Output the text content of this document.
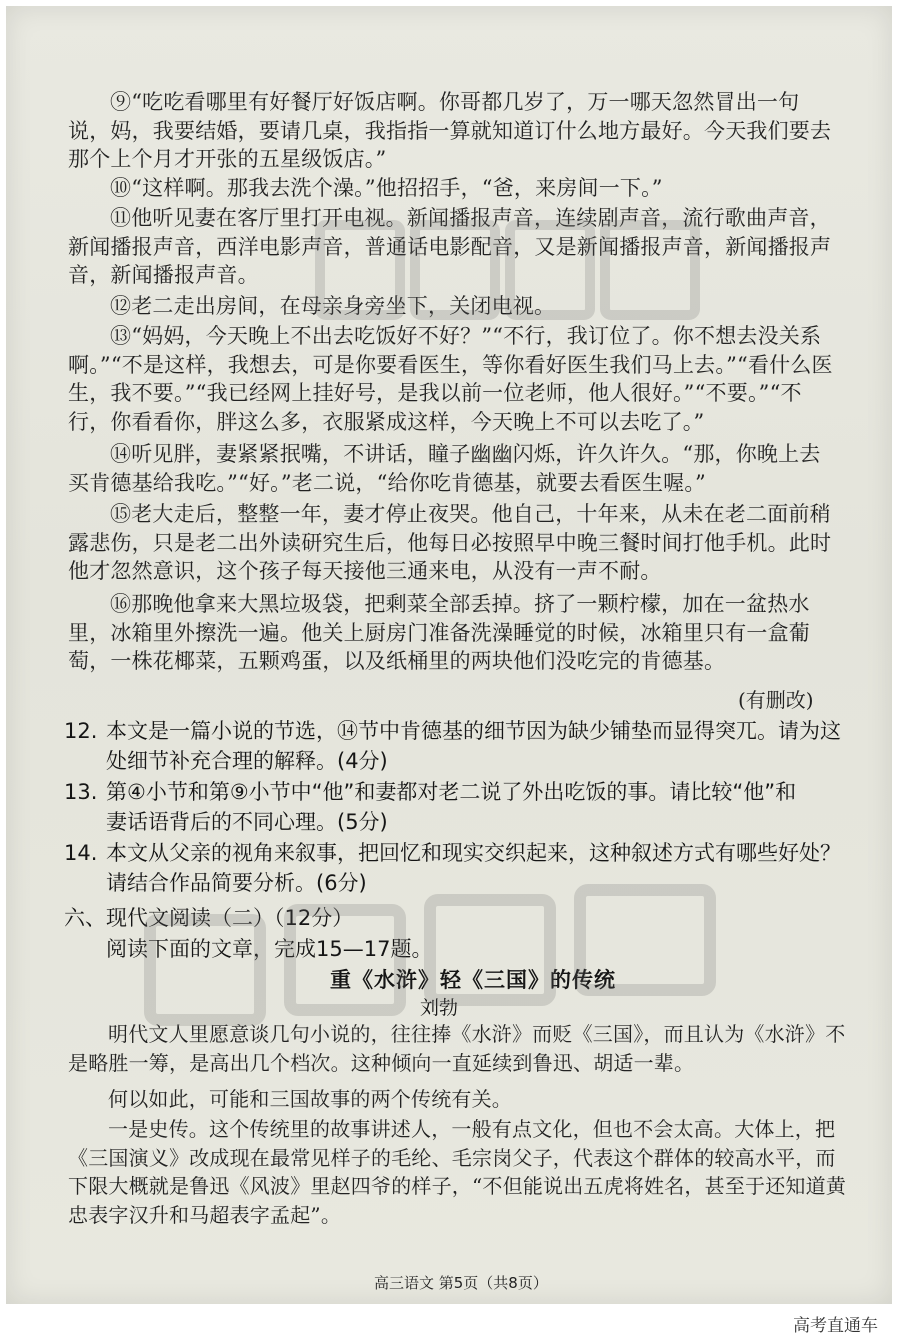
⑨“吃吃看哪里有好餐厅好饭店啊。你哥都几岁了，万一哪天忽然冒出一句说，妈，我要结婚，要请几桌，我指指一算就知道订什么地方最好。今天我们要去那个上个月才开张的五星级饭店。”

⑩“这样啊。那我去洗个澡。”他招招手，“爸，来房间一下。”

⑪他听见妻在客厅里打开电视。新闻播报声音，连续剧声音，流行歌曲声音，新闻播报声音，西洋电影声音，普通话电影配音，又是新闻播报声音，新闻播报声音，新闻播报声音。

⑫老二走出房间，在母亲身旁坐下，关闭电视。

⑬“妈妈，今天晚上不出去吃饭好不好？”“不行，我订位了。你不想去没关系啊。”“不是这样，我想去，可是你要看医生，等你看好医生我们马上去。”“看什么医生，我不要。”“我已经网上挂好号，是我以前一位老师，他人很好。”“不要。”“不行，你看看你，胖这么多，衣服紧成这样，今天晚上不可以去吃了。”

⑭听见胖，妻紧紧抿嘴，不讲话，瞳子幽幽闪烁，许久许久。“那，你晚上去买肯德基给我吃。”“好。”老二说，“给你吃肯德基，就要去看医生喔。”

⑮老大走后，整整一年，妻才停止夜哭。他自己，十年来，从未在老二面前稍露悲伤，只是老二出外读研究生后，他每日必按照早中晚三餐时间打他手机。此时他才忽然意识，这个孩子每天接他三通来电，从没有一声不耐。

⑯那晚他拿来大黑垃圾袋，把剩菜全部丢掉。挤了一颗柠檬，加在一盆热水里，冰箱里外擦洗一遍。他关上厨房门准备洗澡睡觉的时候，冰箱里只有一盒葡萄，一株花椰菜，五颗鸡蛋，以及纸桶里的两块他们没吃完的肯德基。

(有删改)
12. 本文是一篇小说的节选，⑭节中肯德基的细节因为缺少铺垫而显得突兀。请为这
处细节补充合理的解释。(4分)
13. 第④小节和第⑨小节中“他”和妻都对老二说了外出吃饭的事。请比较“他”和
妻话语背后的不同心理。(5分)
14. 本文从父亲的视角来叙事，把回忆和现实交织起来，这种叙述方式有哪些好处？
请结合作品简要分析。(6分)
六、现代文阅读（二）（12分）
阅读下面的文章，完成15—17题。
重《水浒》轻《三国》的传统
刘勃

明代文人里愿意谈几句小说的，往往捧《水浒》而贬《三国》，而且认为《水浒》不是略胜一筹，是高出几个档次。这种倾向一直延续到鲁迅、胡适一辈。

何以如此，可能和三国故事的两个传统有关。

一是史传。这个传统里的故事讲述人，一般有点文化，但也不会太高。大体上，把《三国演义》改成现在最常见样子的毛纶、毛宗岗父子，代表这个群体的较高水平，而下限大概就是鲁迅《风波》里赵四爷的样子，“不但能说出五虎将姓名，甚至于还知道黄忠表字汉升和马超表字孟起”。

高三语文 第5页（共8页）
高考直通车
